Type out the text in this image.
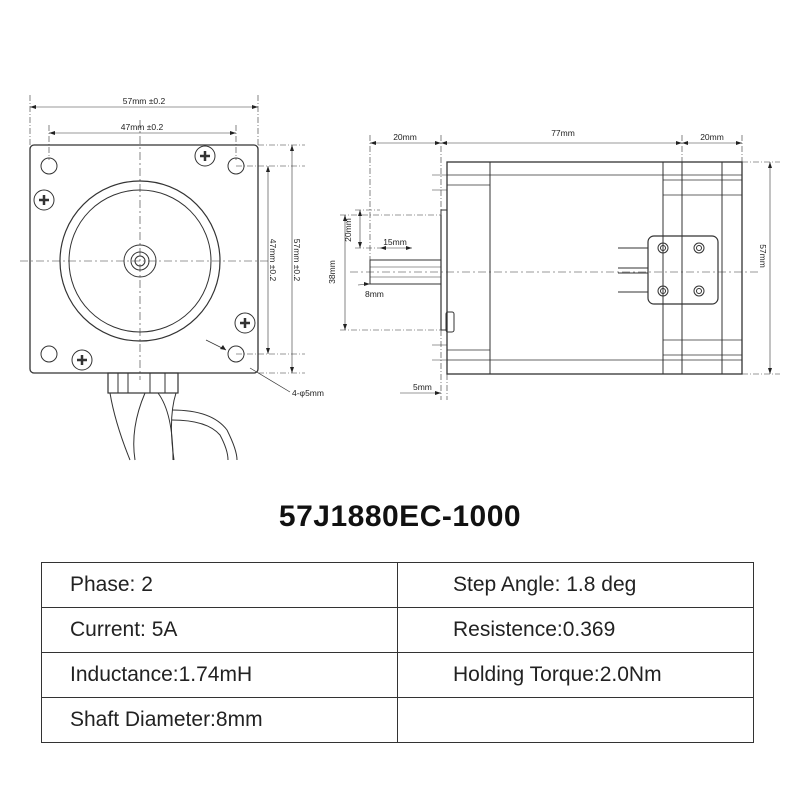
57mm ±0.2
47mm ±0.2
47mm ±0.2 57mm ±0.2
4-φ5mm
20mm	77mm	20mm
57mm
20mm
15mm
38mm
8mm
5mm
57J1880EC-1000
Phase: 2	Step Angle: 1.8 deg
Current: 5A	Resistence:0.369
Inductance:1.74mH	Holding Torque:2.0Nm
Shaft Diameter:8mm	
